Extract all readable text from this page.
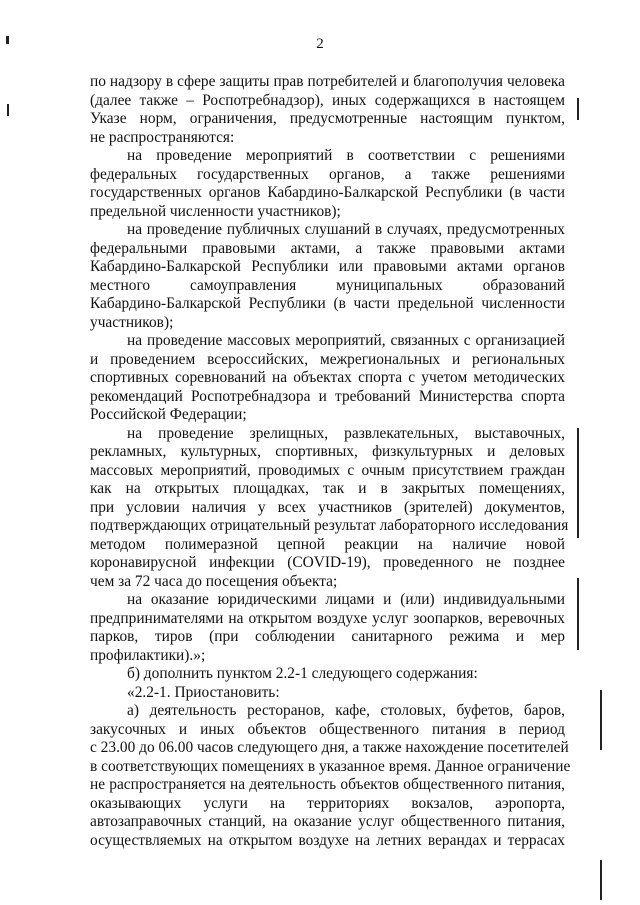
2
по надзору в сфере защиты прав потребителей и благополучия человека
(далее также – Роспотребнадзор), иных содержащихся в настоящем
Указе норм, ограничения, предусмотренные настоящим пунктом,
не распространяются:
на проведение мероприятий в соответствии с решениями
федеральных государственных органов, а также решениями
государственных органов Кабардино-Балкарской Республики (в части
предельной численности участников);
на проведение публичных слушаний в случаях, предусмотренных
федеральными правовыми актами, а также правовыми актами
Кабардино-Балкарской Республики или правовыми актами органов
местного самоуправления муниципальных образований
Кабардино-Балкарской Республики (в части предельной численности
участников);
на проведение массовых мероприятий, связанных с организацией
и проведением всероссийских, межрегиональных и региональных
спортивных соревнований на объектах спорта с учетом методических
рекомендаций Роспотребнадзора и требований Министерства спорта
Российской Федерации;
на проведение зрелищных, развлекательных, выставочных,
рекламных, культурных, спортивных, физкультурных и деловых
массовых мероприятий, проводимых с очным присутствием граждан
как на открытых площадках, так и в закрытых помещениях,
при условии наличия у всех участников (зрителей) документов,
подтверждающих отрицательный результат лабораторного исследования
методом полимеразной цепной реакции на наличие новой
коронавирусной инфекции (COVID-19), проведенного не позднее
чем за 72 часа до посещения объекта;
на оказание юридическими лицами и (или) индивидуальными
предпринимателями на открытом воздухе услуг зоопарков, веревочных
парков, тиров (при соблюдении санитарного режима и мер
профилактики).»;
б) дополнить пунктом 2.2-1 следующего содержания:
«2.2-1. Приостановить:
а) деятельность ресторанов, кафе, столовых, буфетов, баров,
закусочных и иных объектов общественного питания в период
с 23.00 до 06.00 часов следующего дня, а также нахождение посетителей
в соответствующих помещениях в указанное время. Данное ограничение
не распространяется на деятельность объектов общественного питания,
оказывающих услуги на территориях вокзалов, аэропорта,
автозаправочных станций, на оказание услуг общественного питания,
осуществляемых на открытом воздухе на летних верандах и террасах
